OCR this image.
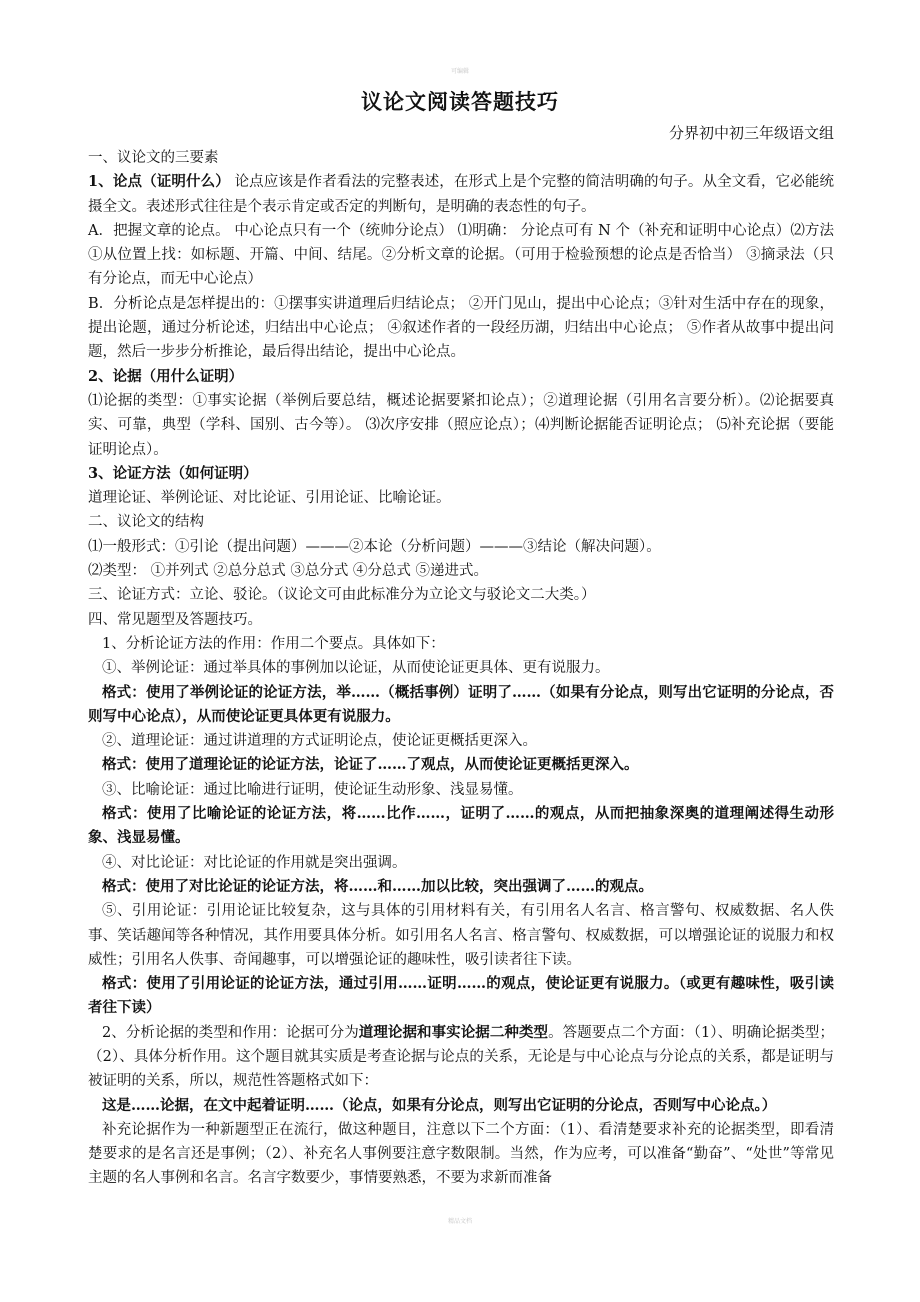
可编辑
议论文阅读答题技巧
分界初中初三年级语文组

一、议论文的三要素

1、论点（证明什么） 论点应该是作者看法的完整表述，在形式上是个完整的简洁明确的句子。从全文看，它必能统摄全文。表述形式往往是个表示肯定或否定的判断句，是明确的表态性的句子。

A．把握文章的论点。 中心论点只有一个（统帅分论点） ⑴明确： 分论点可有 N 个（补充和证明中心论点）⑵方法 ①从位置上找：如标题、开篇、中间、结尾。②分析文章的论据。（可用于检验预想的论点是否恰当） ③摘录法（只有分论点，而无中心论点）

B．分析论点是怎样提出的：①摆事实讲道理后归结论点； ②开门见山，提出中心论点；③针对生活中存在的现象，提出论题，通过分析论述，归结出中心论点； ④叙述作者的一段经历湖，归结出中心论点； ⑤作者从故事中提出问题，然后一步步分析推论，最后得出结论，提出中心论点。

2、论据（用什么证明）

⑴论据的类型：①事实论据（举例后要总结，概述论据要紧扣论点）；②道理论据（引用名言要分析）。⑵论据要真实、可靠，典型（学科、国别、古今等）。 ⑶次序安排（照应论点）；⑷判断论据能否证明论点； ⑸补充论据（要能证明论点）。

3、论证方法（如何证明）

道理论证、举例论证、对比论证、引用论证、比喻论证。

二、议论文的结构

⑴一般形式：①引论（提出问题）———②本论（分析问题）———③结论（解决问题）。

⑵类型： ①并列式 ②总分总式 ③总分式 ④分总式 ⑤递进式。

三、论证方式：立论、驳论。（议论文可由此标准分为立论文与驳论文二大类。）

四、常见题型及答题技巧。

1、分析论证方法的作用：作用二个要点。具体如下：

①、举例论证：通过举具体的事例加以论证，从而使论证更具体、更有说服力。

格式：使用了举例论证的论证方法，举……（概括事例）证明了……（如果有分论点，则写出它证明的分论点，否则写中心论点），从而使论证更具体更有说服力。

②、道理论证：通过讲道理的方式证明论点，使论证更概括更深入。

格式：使用了道理论证的论证方法，论证了……了观点，从而使论证更概括更深入。

③、比喻论证：通过比喻进行证明，使论证生动形象、浅显易懂。

格式：使用了比喻论证的论证方法，将……比作……，证明了……的观点，从而把抽象深奥的道理阐述得生动形象、浅显易懂。

④、对比论证：对比论证的作用就是突出强调。

格式：使用了对比论证的论证方法，将……和……加以比较，突出强调了……的观点。

⑤、引用论证：引用论证比较复杂，这与具体的引用材料有关，有引用名人名言、格言警句、权威数据、名人佚事、笑话趣闻等各种情况，其作用要具体分析。如引用名人名言、格言警句、权威数据，可以增强论证的说服力和权威性；引用名人佚事、奇闻趣事，可以增强论证的趣味性，吸引读者往下读。

格式：使用了引用论证的论证方法，通过引用……证明……的观点，使论证更有说服力。（或更有趣味性，吸引读者往下读）

2、分析论据的类型和作用：论据可分为道理论据和事实论据二种类型。答题要点二个方面：（1）、明确论据类型；（2）、具体分析作用。这个题目就其实质是考查论据与论点的关系，无论是与中心论点与分论点的关系，都是证明与被证明的关系，所以，规范性答题格式如下：

这是……论据，在文中起着证明……（论点，如果有分论点，则写出它证明的分论点，否则写中心论点。）

补充论据作为一种新题型正在流行，做这种题目，注意以下二个方面：（1）、看清楚要求补充的论据类型，即看清楚要求的是名言还是事例；（2）、补充名人事例要注意字数限制。当然，作为应考，可以准备“勤奋”、“处世”等常见主题的名人事例和名言。名言字数要少，事情要熟悉，不要为求新而准备

精品文档
